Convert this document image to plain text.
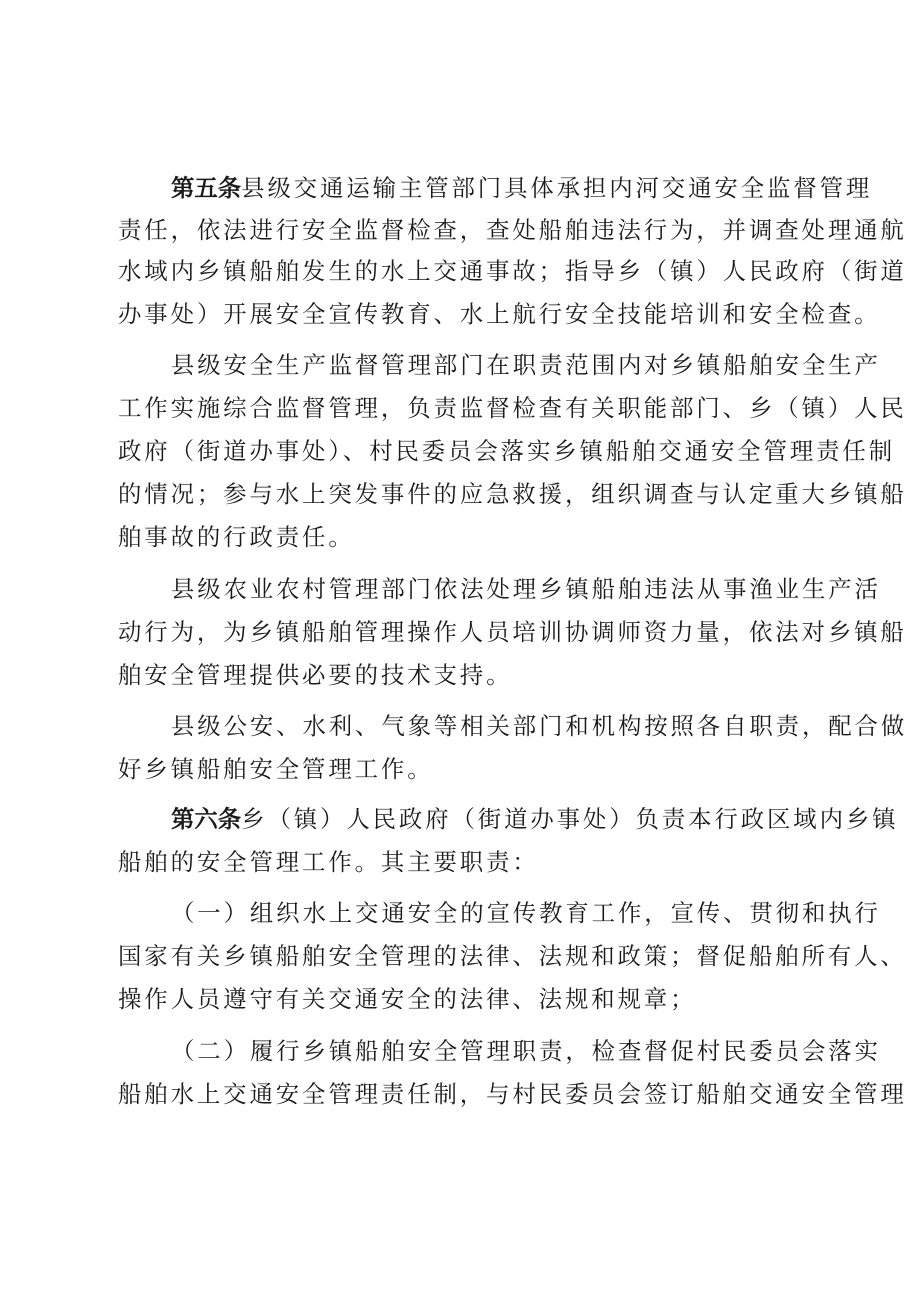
第五条县级交通运输主管部门具体承担内河交通安全监督管理
责任，依法进行安全监督检查，查处船舶违法行为，并调查处理通航
水域内乡镇船舶发生的水上交通事故；指导乡（镇）人民政府（街道
办事处）开展安全宣传教育、水上航行安全技能培训和安全检查。
县级安全生产监督管理部门在职责范围内对乡镇船舶安全生产
工作实施综合监督管理，负责监督检查有关职能部门、乡（镇）人民
政府（街道办事处）、村民委员会落实乡镇船舶交通安全管理责任制
的情况；参与水上突发事件的应急救援，组织调查与认定重大乡镇船
舶事故的行政责任。
县级农业农村管理部门依法处理乡镇船舶违法从事渔业生产活
动行为，为乡镇船舶管理操作人员培训协调师资力量，依法对乡镇船
舶安全管理提供必要的技术支持。
县级公安、水利、气象等相关部门和机构按照各自职责，配合做
好乡镇船舶安全管理工作。
第六条乡（镇）人民政府（街道办事处）负责本行政区域内乡镇
船舶的安全管理工作。其主要职责：
（一）组织水上交通安全的宣传教育工作，宣传、贯彻和执行
国家有关乡镇船舶安全管理的法律、法规和政策；督促船舶所有人、
操作人员遵守有关交通安全的法律、法规和规章；
（二）履行乡镇船舶安全管理职责，检查督促村民委员会落实
船舶水上交通安全管理责任制，与村民委员会签订船舶交通安全管理
